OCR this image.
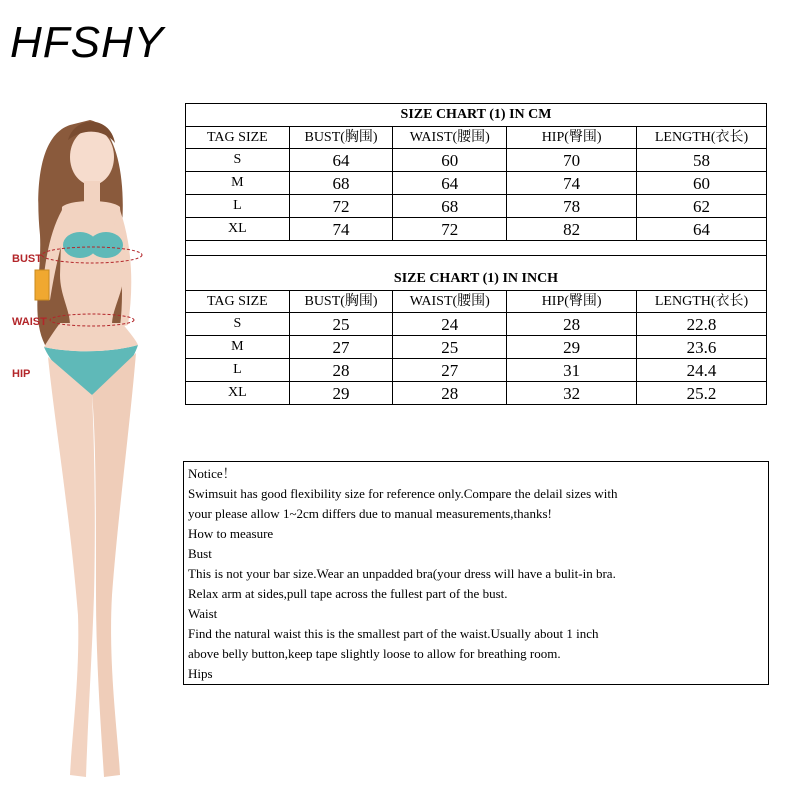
HFSHY
BUST
WAIST
HIP
SIZE CHART (1) IN CM				
TAG SIZE	BUST(胸围)	WAIST(腰围)	HIP(臀围)	LENGTH(衣长)
S	64	60	70	58
M	68	64	74	60
L	72	68	78	62
XL	74	72	82	64

SIZE CHART (1) IN INCH				
TAG SIZE	BUST(胸围)	WAIST(腰围)	HIP(臀围)	LENGTH(衣长)
S	25	24	28	22.8
M	27	25	29	23.6
L	28	27	31	24.4
XL	29	28	32	25.2
Notice！
Swimsuit has good flexibility size for reference only.Compare the delail sizes with
your please allow 1~2cm differs due to manual measurements,thanks!
How to measure
Bust
This is not your bar size.Wear an unpadded bra(your dress will have a bulit-in bra.
Relax arm at sides,pull tape across the fullest part of the bust.
Waist
Find the natural waist this is the smallest part of the waist.Usually about 1 inch
above belly button,keep tape slightly loose to allow for breathing room.
Hips
